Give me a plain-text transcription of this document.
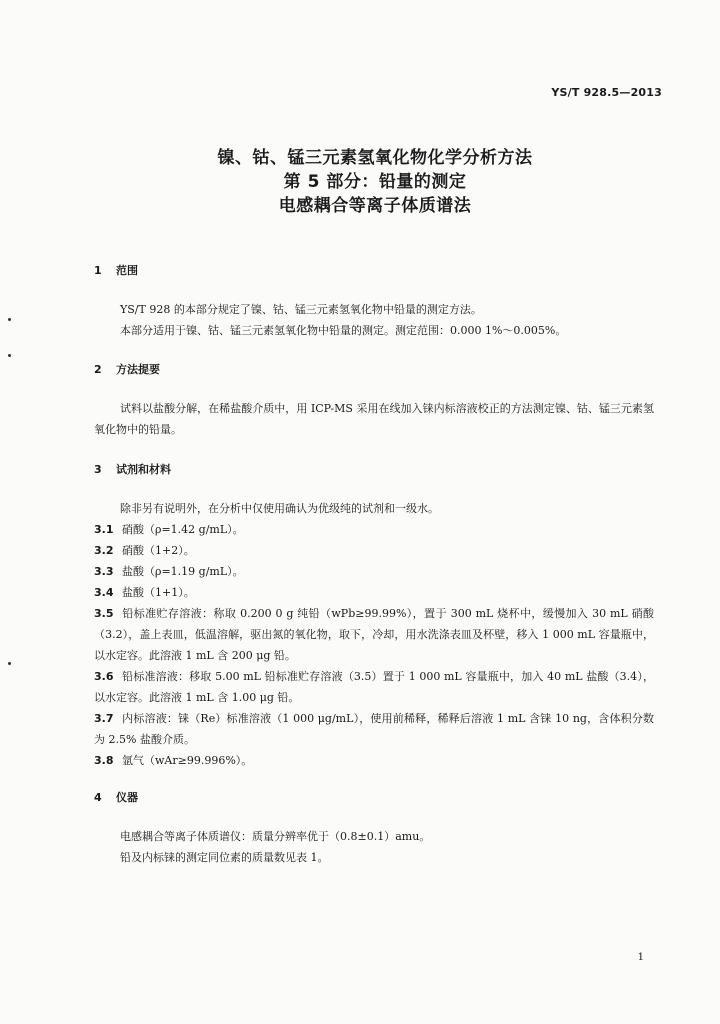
YS/T 928.5—2013
镍、钴、锰三元素氢氧化物化学分析方法
第 5 部分：铅量的测定
电感耦合等离子体质谱法
1 范围
YS/T 928 的本部分规定了镍、钴、锰三元素氢氧化物中铅量的测定方法。
本部分适用于镍、钴、锰三元素氢氧化物中铅量的测定。测定范围：0.000 1%～0.005%。
2 方法提要
试料以盐酸分解，在稀盐酸介质中，用 ICP-MS 采用在线加入铼内标溶液校正的方法测定镍、钴、锰三元素氢氧化物中的铅量。
3 试剂和材料
除非另有说明外，在分析中仅使用确认为优级纯的试剂和一级水。
3.1 硝酸（ρ=1.42 g/mL）。
3.2 硝酸（1+2）。
3.3 盐酸（ρ=1.19 g/mL）。
3.4 盐酸（1+1）。
3.5 铅标准贮存溶液：称取 0.200 0 g 纯铅（wPb≥99.99%），置于 300 mL 烧杯中，缓慢加入 30 mL 硝酸（3.2），盖上表皿，低温溶解，驱出氮的氧化物，取下，冷却，用水洗涤表皿及杯壁，移入 1 000 mL 容量瓶中，以水定容。此溶液 1 mL 含 200 μg 铅。
3.6 铅标准溶液：移取 5.00 mL 铅标准贮存溶液（3.5）置于 1 000 mL 容量瓶中，加入 40 mL 盐酸（3.4），以水定容。此溶液 1 mL 含 1.00 μg 铅。
3.7 内标溶液：铼（Re）标准溶液（1 000 μg/mL），使用前稀释，稀释后溶液 1 mL 含铼 10 ng，含体积分数为 2.5% 盐酸介质。
3.8 氩气（wAr≥99.996%）。
4 仪器
电感耦合等离子体质谱仪：质量分辨率优于（0.8±0.1）amu。
铅及内标铼的测定同位素的质量数见表 1。
1
